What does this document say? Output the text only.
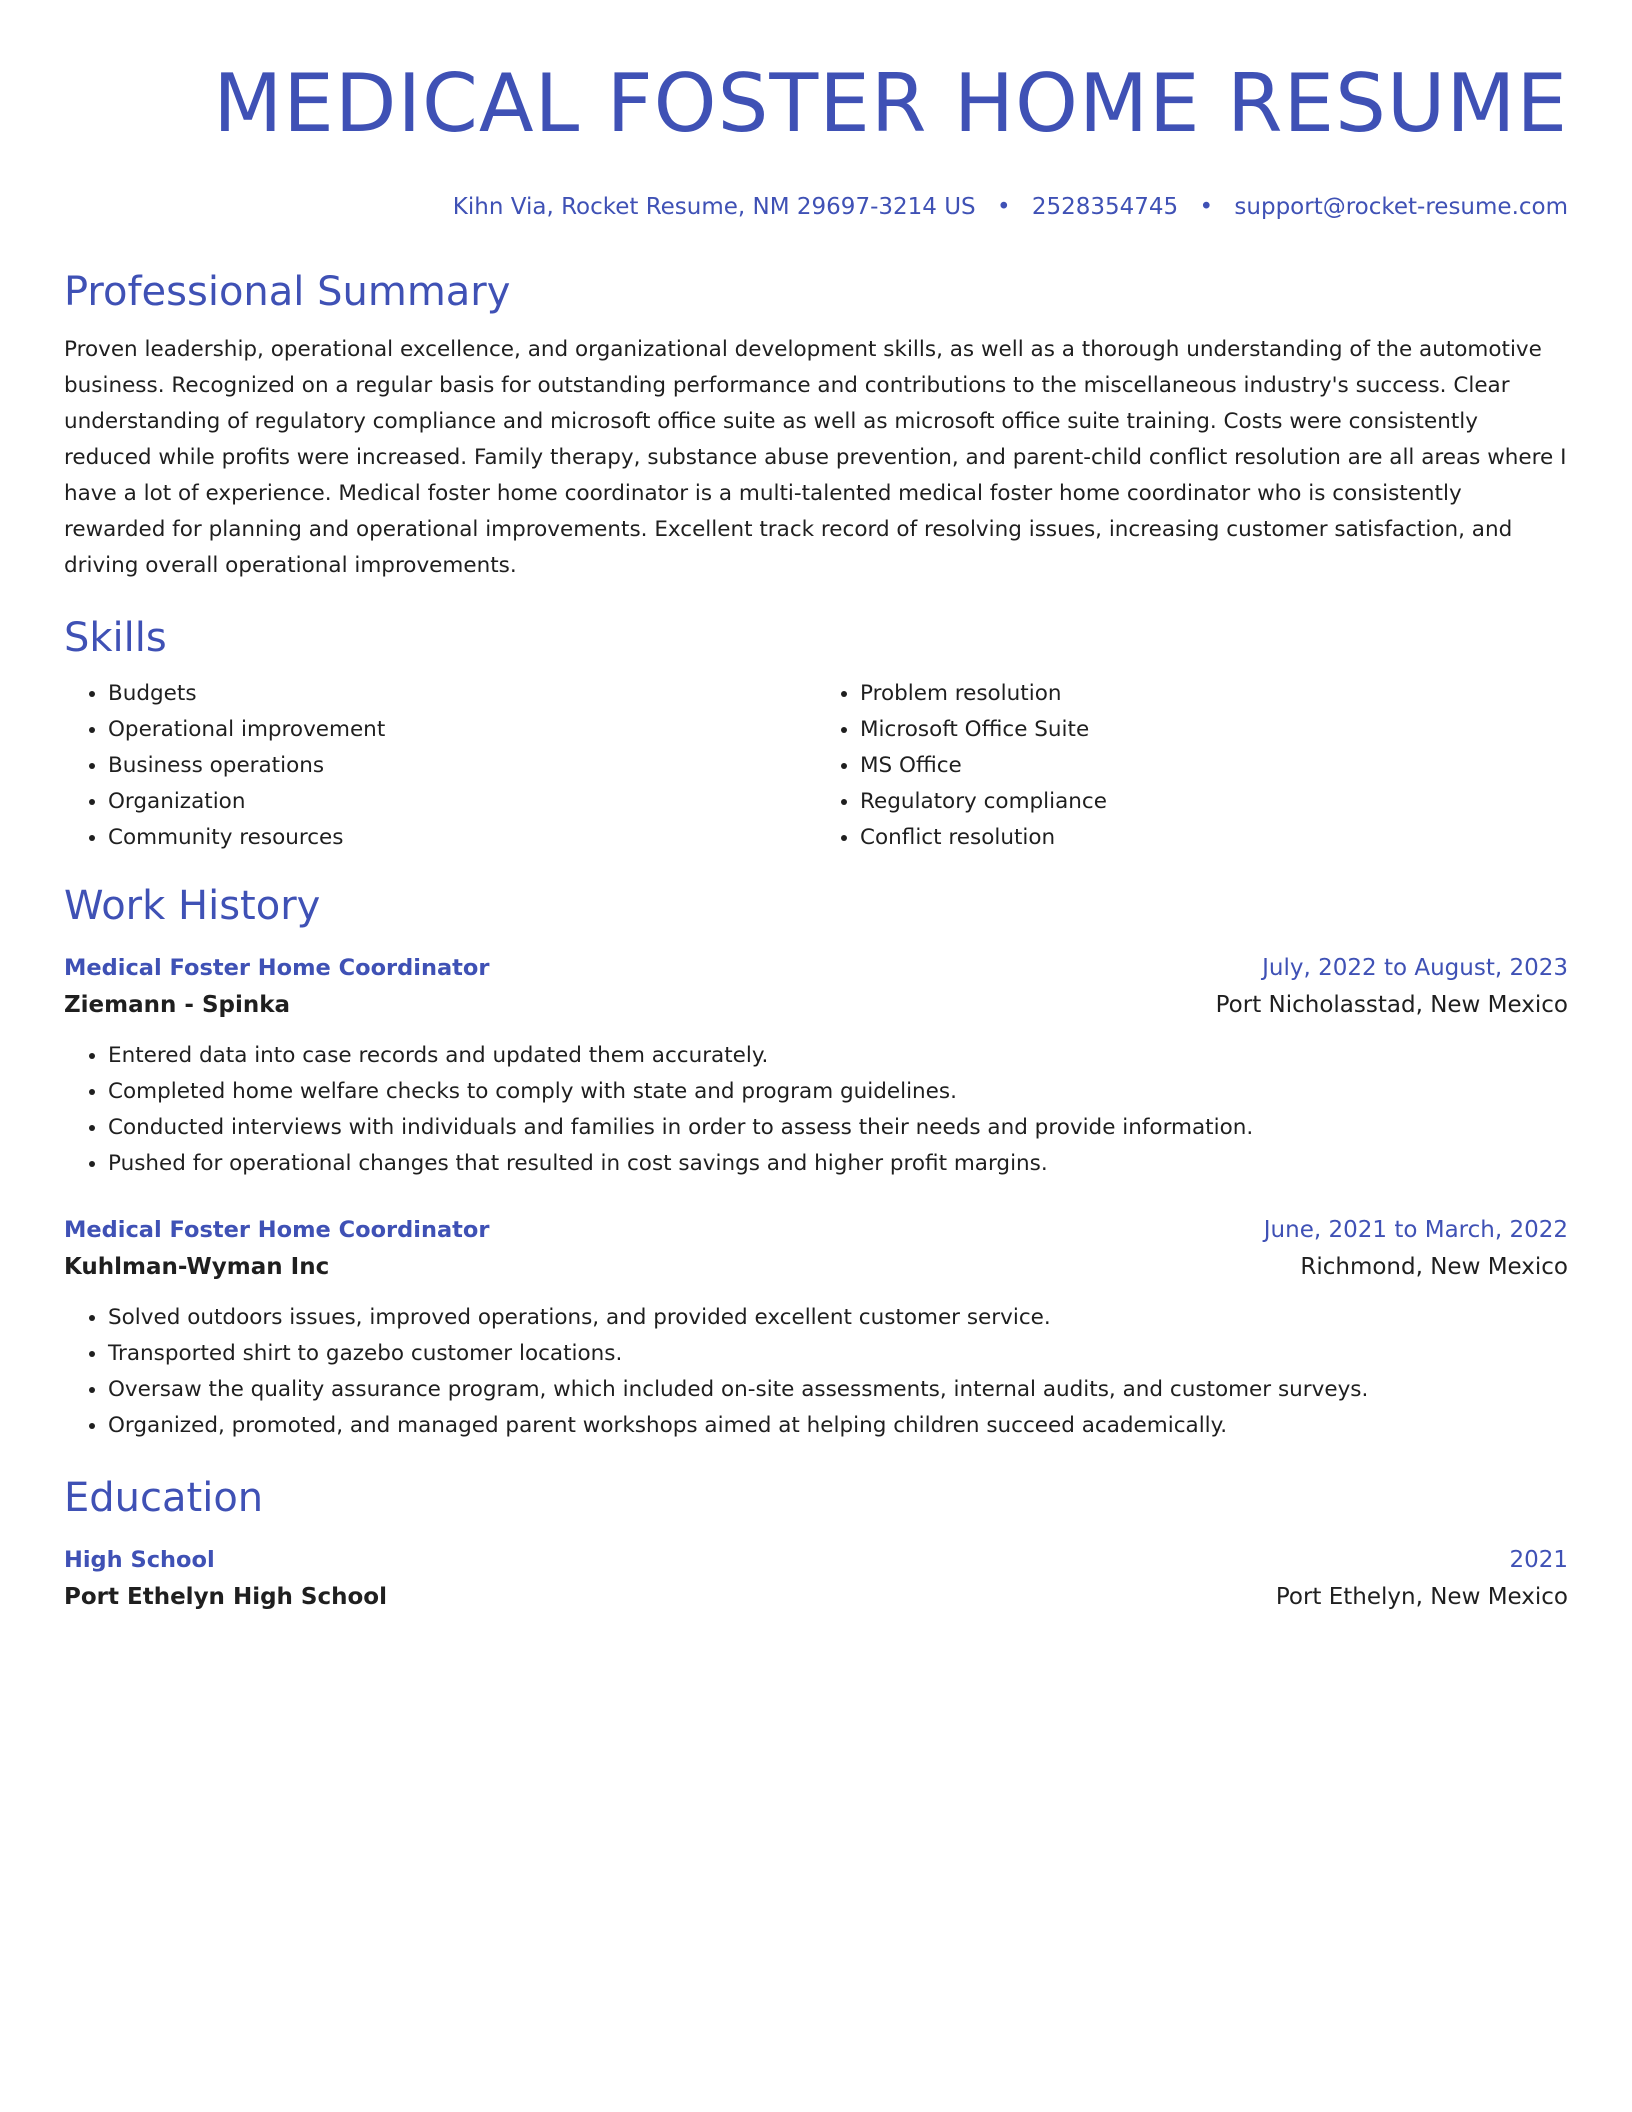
MEDICAL FOSTER HOME RESUME
Kihn Via, Rocket Resume, NM 29697-3214 US • 2528354745 • support@rocket-resume.com
Professional Summary

Proven leadership, operational excellence, and organizational development skills, as well as a thorough understanding of the automotive business. Recognized on a regular basis for outstanding performance and contributions to the miscellaneous industry's success. Clear understanding of regulatory compliance and microsoft office suite as well as microsoft office suite training. Costs were consistently reduced while profits were increased. Family therapy, substance abuse prevention, and parent-child conflict resolution are all areas where I have a lot of experience. Medical foster home coordinator is a multi-talented medical foster home coordinator who is consistently rewarded for planning and operational improvements. Excellent track record of resolving issues, increasing customer satisfaction, and driving overall operational improvements.

Skills
• Budgets
• Operational improvement
• Business operations
• Organization
• Community resources
• Problem resolution
• Microsoft Office Suite
• MS Office
• Regulatory compliance
• Conflict resolution
Work History
Medical Foster Home Coordinator	July, 2022 to August, 2023
Ziemann - Spinka	Port Nicholasstad, New Mexico
• Entered data into case records and updated them accurately.
• Completed home welfare checks to comply with state and program guidelines.
• Conducted interviews with individuals and families in order to assess their needs and provide information.
• Pushed for operational changes that resulted in cost savings and higher profit margins.
Medical Foster Home Coordinator	June, 2021 to March, 2022
Kuhlman-Wyman Inc	Richmond, New Mexico
• Solved outdoors issues, improved operations, and provided excellent customer service.
• Transported shirt to gazebo customer locations.
• Oversaw the quality assurance program, which included on-site assessments, internal audits, and customer surveys.
• Organized, promoted, and managed parent workshops aimed at helping children succeed academically.
Education
High School	2021
Port Ethelyn High School	Port Ethelyn, New Mexico
